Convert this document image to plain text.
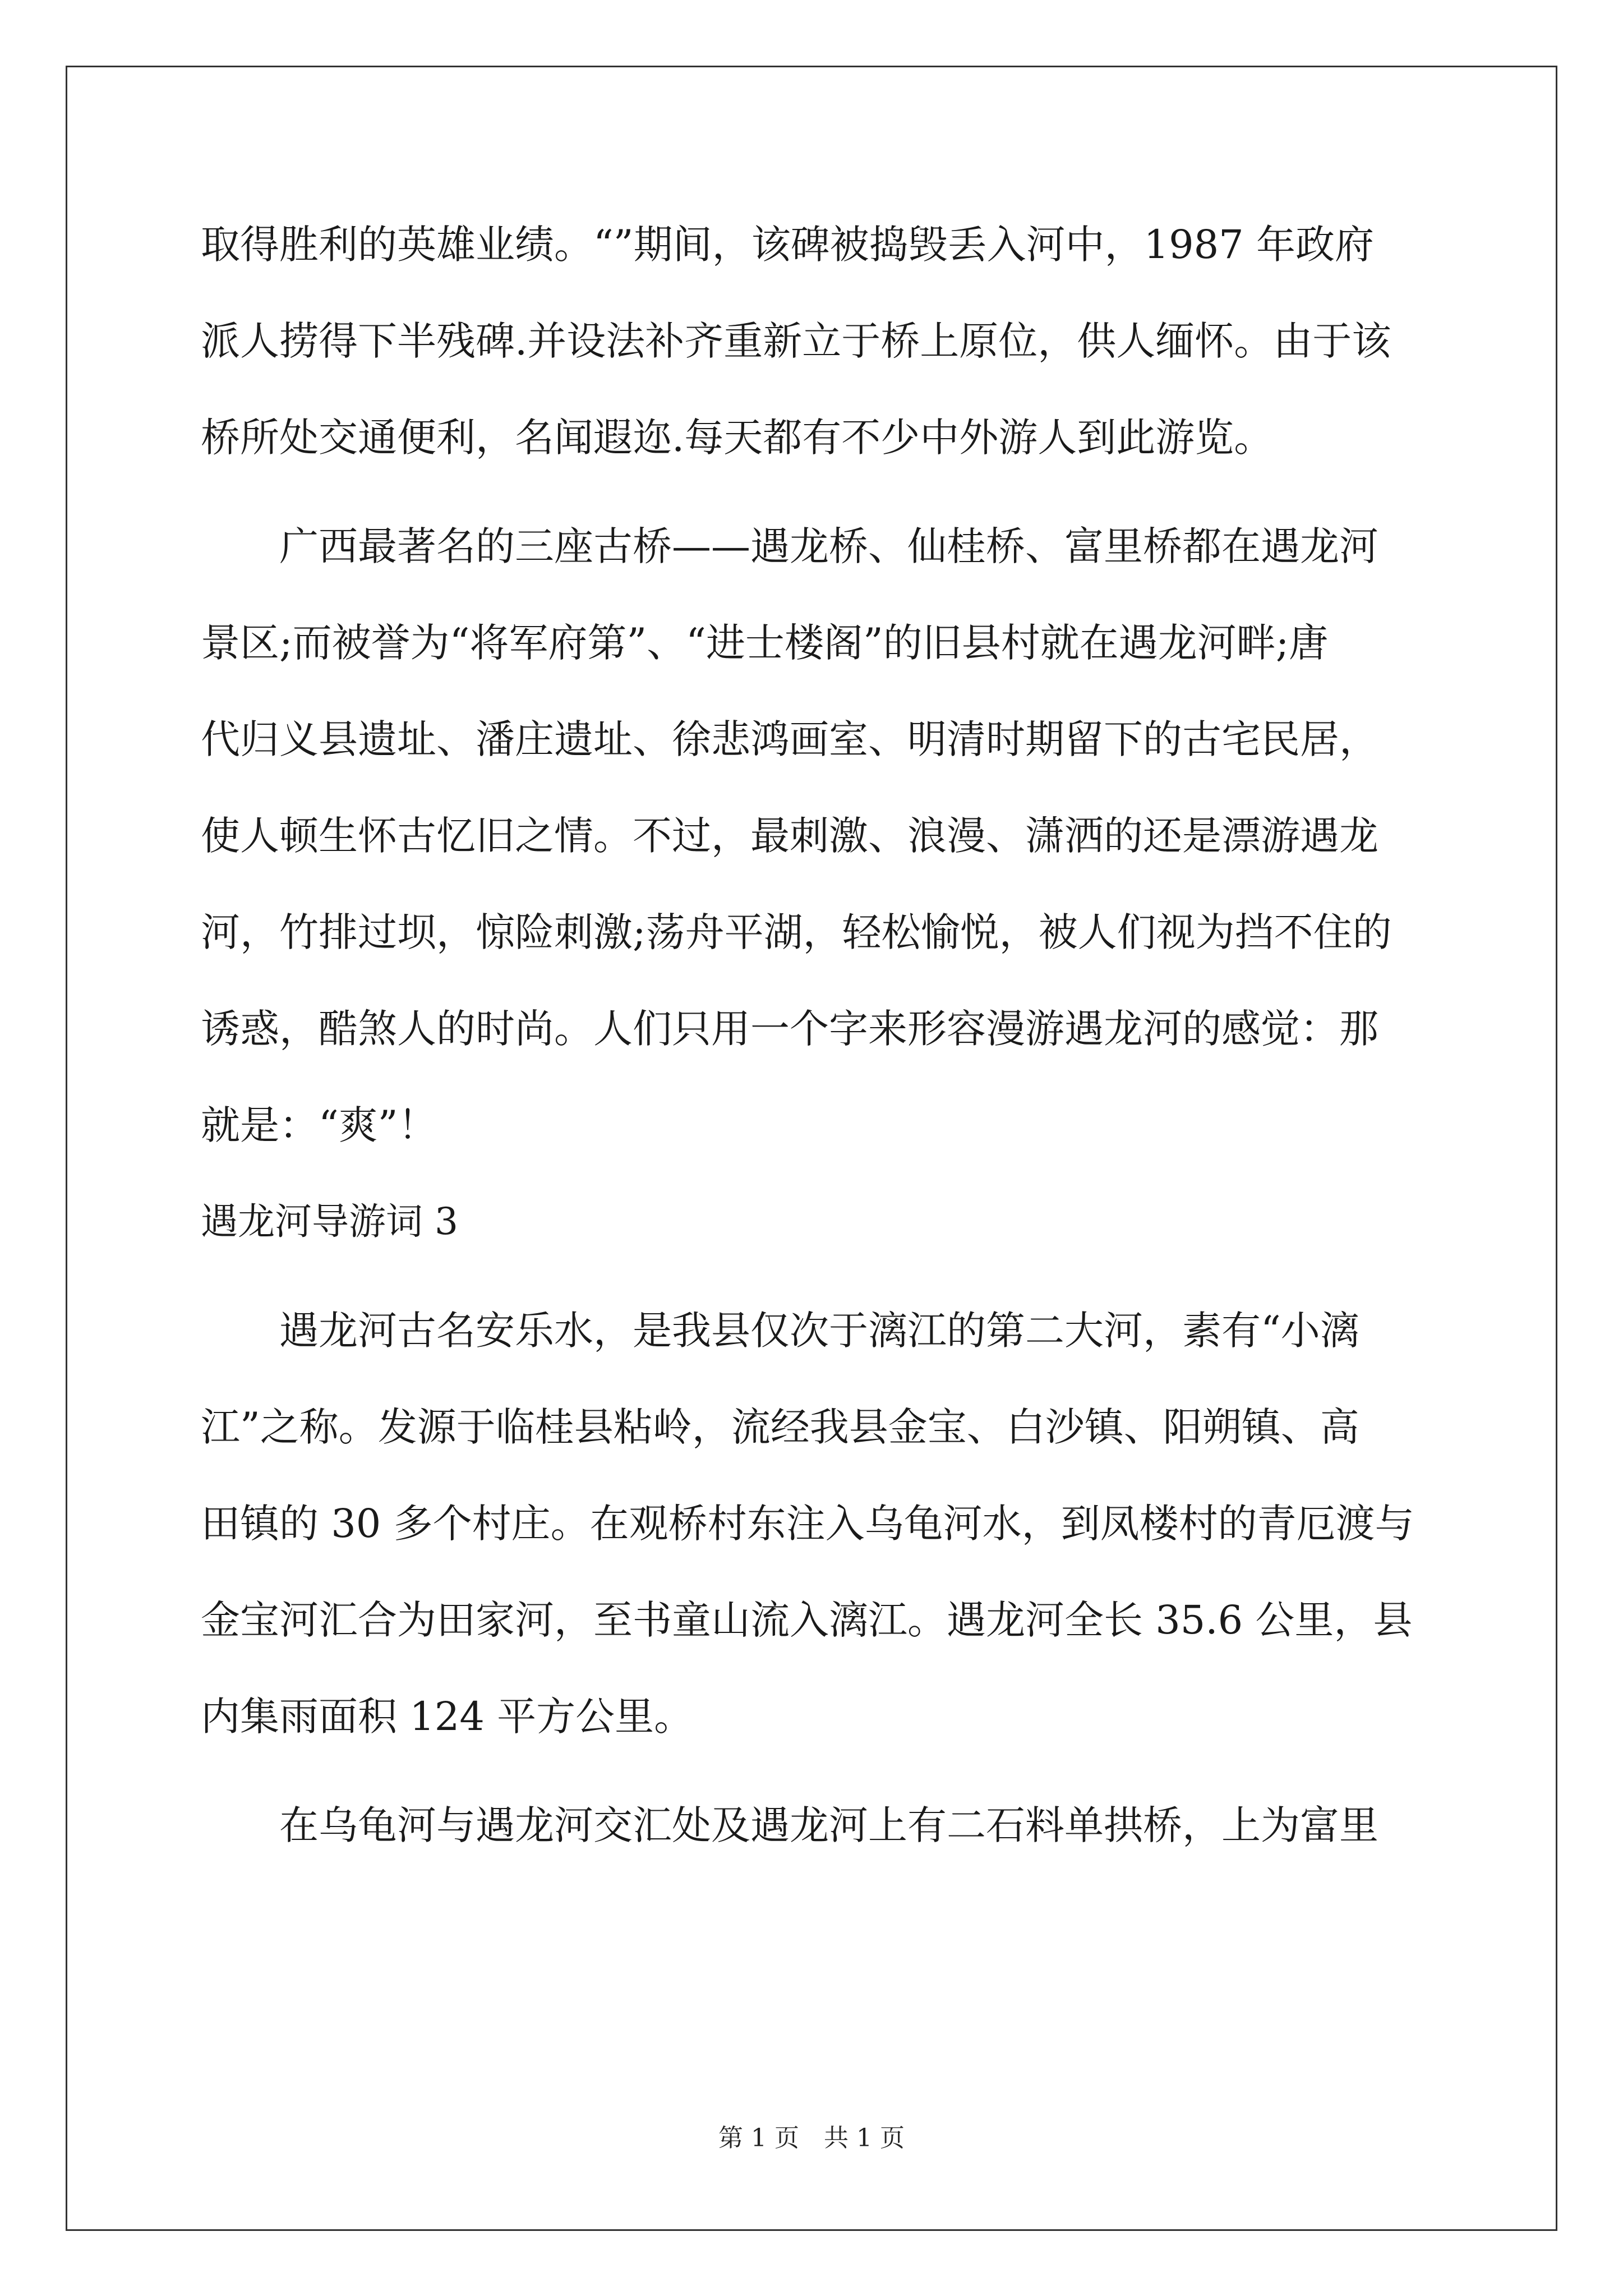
取得胜利的英雄业绩。“”期间，该碑被捣毁丢入河中，1987 年政府

派人捞得下半残碑.并设法补齐重新立于桥上原位，供人缅怀。由于该

桥所处交通便利，名闻遐迩.每天都有不少中外游人到此游览。

广西最著名的三座古桥——遇龙桥、仙桂桥、富里桥都在遇龙河

景区;而被誉为“将军府第”、“进士楼阁”的旧县村就在遇龙河畔;唐

代归义县遗址、潘庄遗址、徐悲鸿画室、明清时期留下的古宅民居，

使人顿生怀古忆旧之情。不过，最刺激、浪漫、潇洒的还是漂游遇龙

河，竹排过坝，惊险刺激;荡舟平湖，轻松愉悦，被人们视为挡不住的

诱惑，酷煞人的时尚。人们只用一个字来形容漫游遇龙河的感觉：那

就是：“爽”！

遇龙河导游词 3

遇龙河古名安乐水，是我县仅次于漓江的第二大河，素有“小漓

江”之称。发源于临桂县粘岭，流经我县金宝、白沙镇、阳朔镇、高

田镇的 30 多个村庄。在观桥村东注入乌龟河水，到凤楼村的青厄渡与

金宝河汇合为田家河，至书童山流入漓江。遇龙河全长 35.6 公里，县

内集雨面积 124 平方公里。

在乌龟河与遇龙河交汇处及遇龙河上有二石料单拱桥，上为富里

第 1 页　共 1 页
